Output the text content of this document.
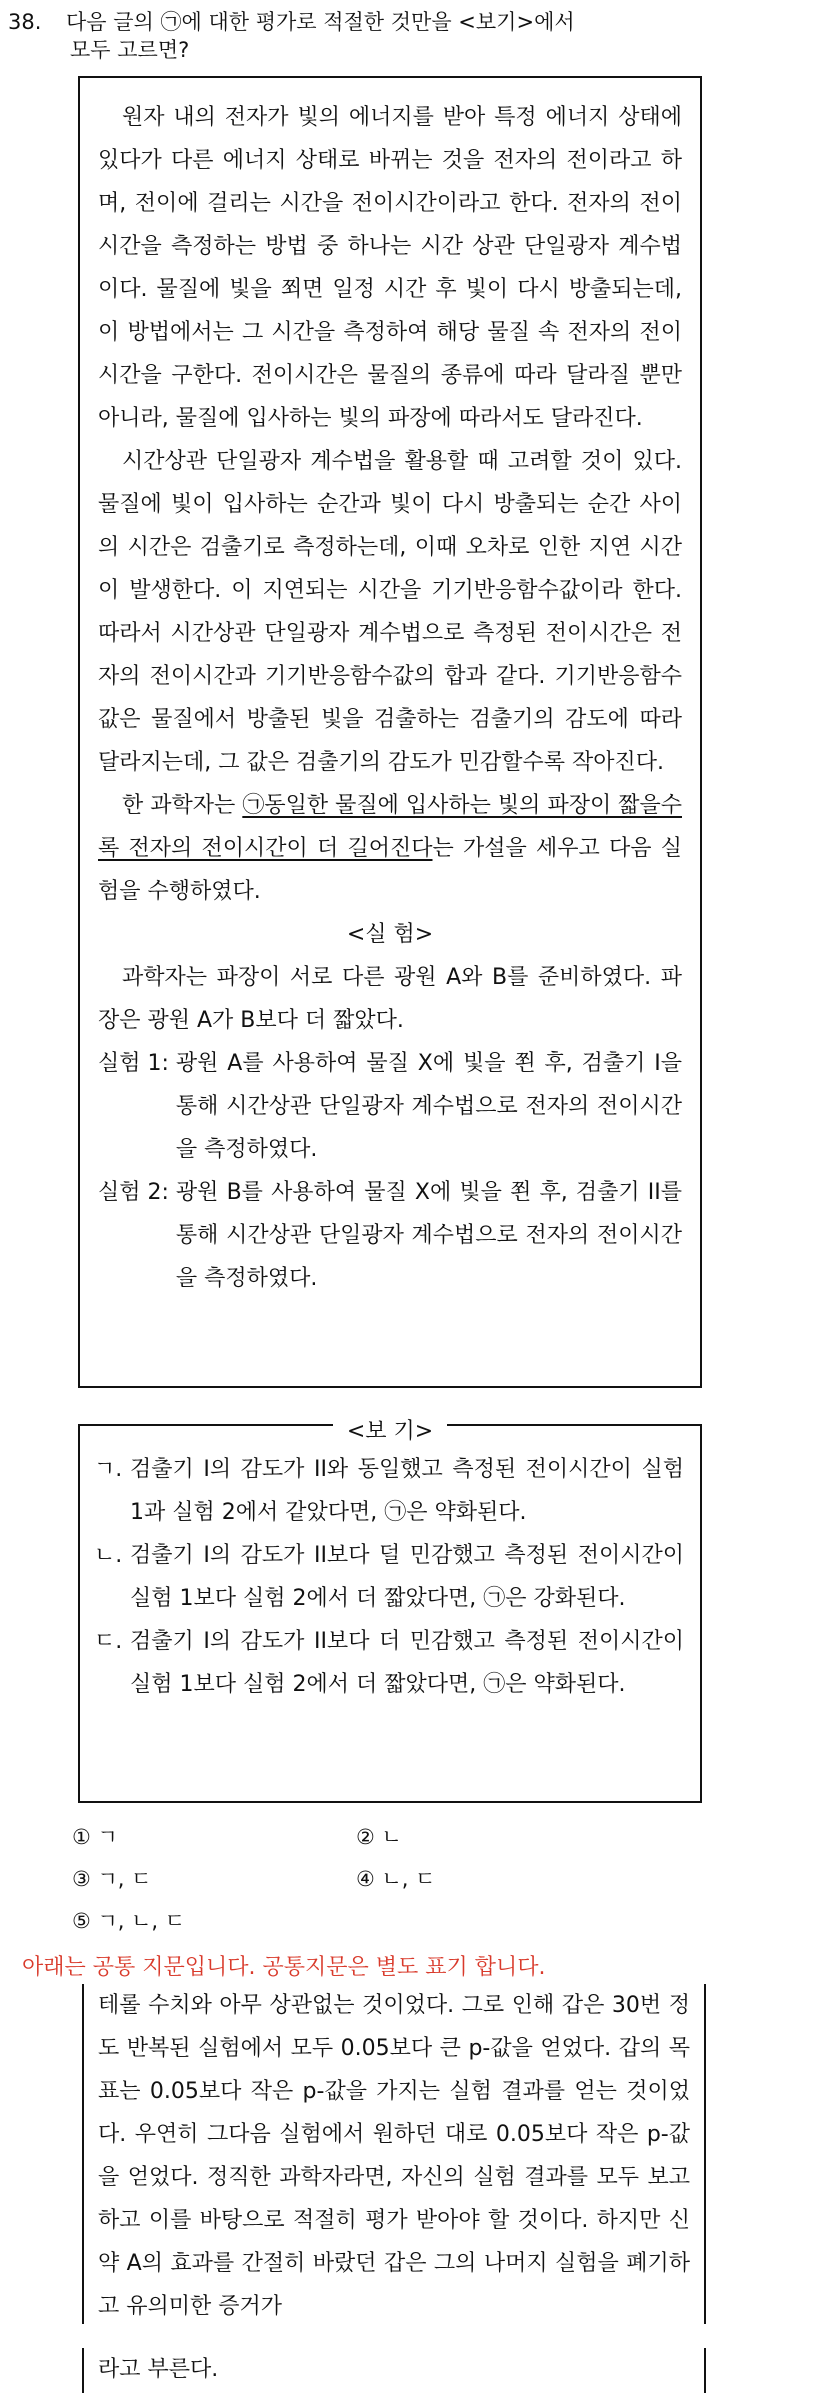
38. 다음 글의 ㉠에 대한 평가로 적절한 것만을 <보기>에서
모두 고르면?

원자 내의 전자가 빛의 에너지를 받아 특정 에너지 상태에 있다가 다른 에너지 상태로 바뀌는 것을 전자의 전이라고 하며, 전이에 걸리는 시간을 전이시간이라고 한다. 전자의 전이시간을 측정하는 방법 중 하나는 시간 상관 단일광자 계수법이다. 물질에 빛을 쬐면 일정 시간 후 빛이 다시 방출되는데, 이 방법에서는 그 시간을 측정하여 해당 물질 속 전자의 전이시간을 구한다. 전이시간은 물질의 종류에 따라 달라질 뿐만 아니라, 물질에 입사하는 빛의 파장에 따라서도 달라진다.

시간상관 단일광자 계수법을 활용할 때 고려할 것이 있다. 물질에 빛이 입사하는 순간과 빛이 다시 방출되는 순간 사이의 시간은 검출기로 측정하는데, 이때 오차로 인한 지연 시간이 발생한다. 이 지연되는 시간을 기기반응함수값이라 한다. 따라서 시간상관 단일광자 계수법으로 측정된 전이시간은 전자의 전이시간과 기기반응함수값의 합과 같다. 기기반응함수값은 물질에서 방출된 빛을 검출하는 검출기의 감도에 따라 달라지는데, 그 값은 검출기의 감도가 민감할수록 작아진다.

한 과학자는 ㉠동일한 물질에 입사하는 빛의 파장이 짧을수록 전자의 전이시간이 더 길어진다는 가설을 세우고 다음 실험을 수행하였다.

<실 험>

과학자는 파장이 서로 다른 광원 A와 B를 준비하였다. 파장은 광원 A가 B보다 더 짧았다.

실험 1: 광원 A를 사용하여 물질 X에 빛을 쬔 후, 검출기 I을 통해 시간상관 단일광자 계수법으로 전자의 전이시간을 측정하였다.
실험 2: 광원 B를 사용하여 물질 X에 빛을 쬔 후, 검출기 II를 통해 시간상관 단일광자 계수법으로 전자의 전이시간을 측정하였다.
<보 기>
ㄱ. 검출기 I의 감도가 II와 동일했고 측정된 전이시간이 실험 1과 실험 2에서 같았다면, ㉠은 약화된다.
ㄴ. 검출기 I의 감도가 II보다 덜 민감했고 측정된 전이시간이 실험 1보다 실험 2에서 더 짧았다면, ㉠은 강화된다.
ㄷ. 검출기 I의 감도가 II보다 더 민감했고 측정된 전이시간이 실험 1보다 실험 2에서 더 짧았다면, ㉠은 약화된다.
① ㄱ	② ㄴ
③ ㄱ, ㄷ	④ ㄴ, ㄷ
⑤ ㄱ, ㄴ, ㄷ
아래는 공통 지문입니다. 공통지문은 별도 표기 합니다.
테롤 수치와 아무 상관없는 것이었다. 그로 인해 갑은 30번 정도 반복된 실험에서 모두 0.05보다 큰 p-값을 얻었다. 갑의 목표는 0.05보다 작은 p-값을 가지는 실험 결과를 얻는 것이었다. 우연히 그다음 실험에서 원하던 대로 0.05보다 작은 p-값을 얻었다. 정직한 과학자라면, 자신의 실험 결과를 모두 보고하고 이를 바탕으로 적절히 평가 받아야 할 것이다. 하지만 신약 A의 효과를 간절히 바랐던 갑은 그의 나머지 실험을 폐기하고 유의미한 증거가
라고 부른다.
